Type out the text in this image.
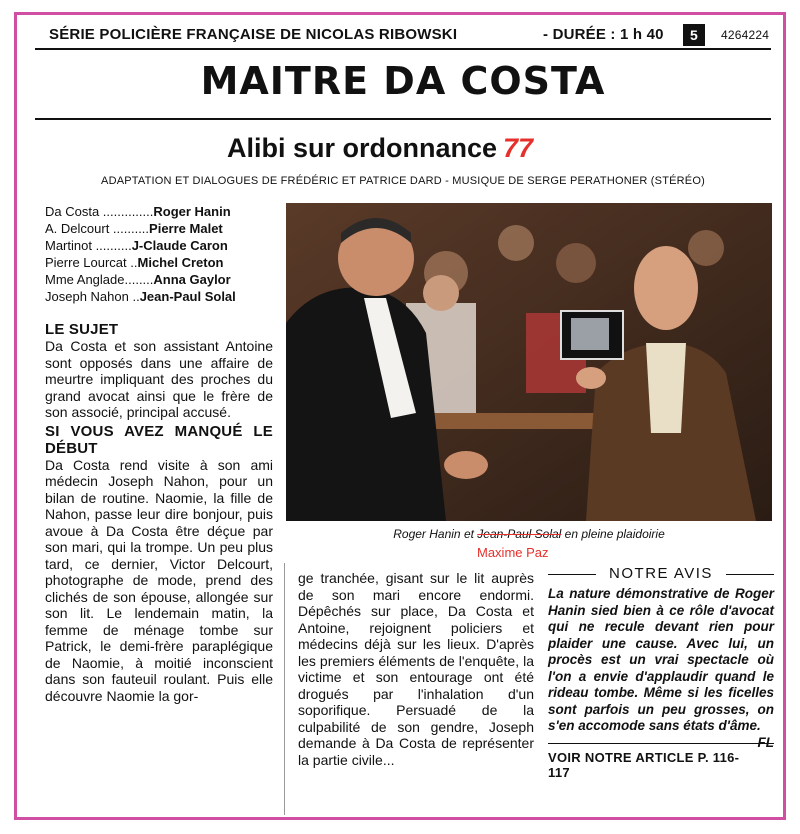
SÉRIE POLICIÈRE FRANÇAISE DE NICOLAS RIBOWSKI	- DURÉE : 1 h 40	5	4264224
MAITRE DA COSTA
Alibi sur ordonnance 77
ADAPTATION ET DIALOGUES DE FRÉDÉRIC ET PATRICE DARD - MUSIQUE DE SERGE PERATHONER (STÉRÉO)
Da Costa ..............Roger Hanin
A. Delcourt ..........Pierre Malet
Martinot ..........J-Claude Caron
Pierre Lourcat ..Michel Creton
Mme Anglade........Anna Gaylor
Joseph Nahon ..Jean-Paul Solal
Roger Hanin et Jean-Paul Solal en pleine plaidoirie
Maxime Paz
LE SUJET
Da Costa et son assistant Antoine sont opposés dans une affaire de meurtre impliquant des proches du grand avocat ainsi que le frère de son associé, principal accusé.
SI VOUS AVEZ MANQUÉ LE DÉBUT
Da Costa rend visite à son ami médecin Joseph Nahon, pour un bilan de routine. Naomie, la fille de Nahon, passe leur dire bonjour, puis avoue à Da Costa être déçue par son mari, qui la trompe. Un peu plus tard, ce dernier, Victor Delcourt, photographe de mode, prend des clichés de son épouse, allongée sur son lit. Le lendemain matin, la femme de ménage tombe sur Patrick, le demi-frère paraplégique de Naomie, à moitié inconscient dans son fauteuil roulant. Puis elle découvre Naomie la gor-
ge tranchée, gisant sur le lit auprès de son mari encore endormi. Dépêchés sur place, Da Costa et Antoine, rejoignent policiers et médecins déjà sur les lieux. D'après les premiers éléments de l'enquête, la victime et son entourage ont été drogués par l'inhalation d'un soporifique. Persuadé de la culpabilité de son gendre, Joseph demande à Da Costa de représenter la partie civile...
NOTRE AVIS
La nature démonstrative de Roger Hanin sied bien à ce rôle d'avocat qui ne recule devant rien pour plaider une cause. Avec lui, un procès est un vrai spectacle où l'on a envie d'applaudir quand le rideau tombe. Même si les ficelles sont parfois un peu grosses, on s'en accomode sans états d'âme.
FL
VOIR NOTRE ARTICLE P. 116-117
